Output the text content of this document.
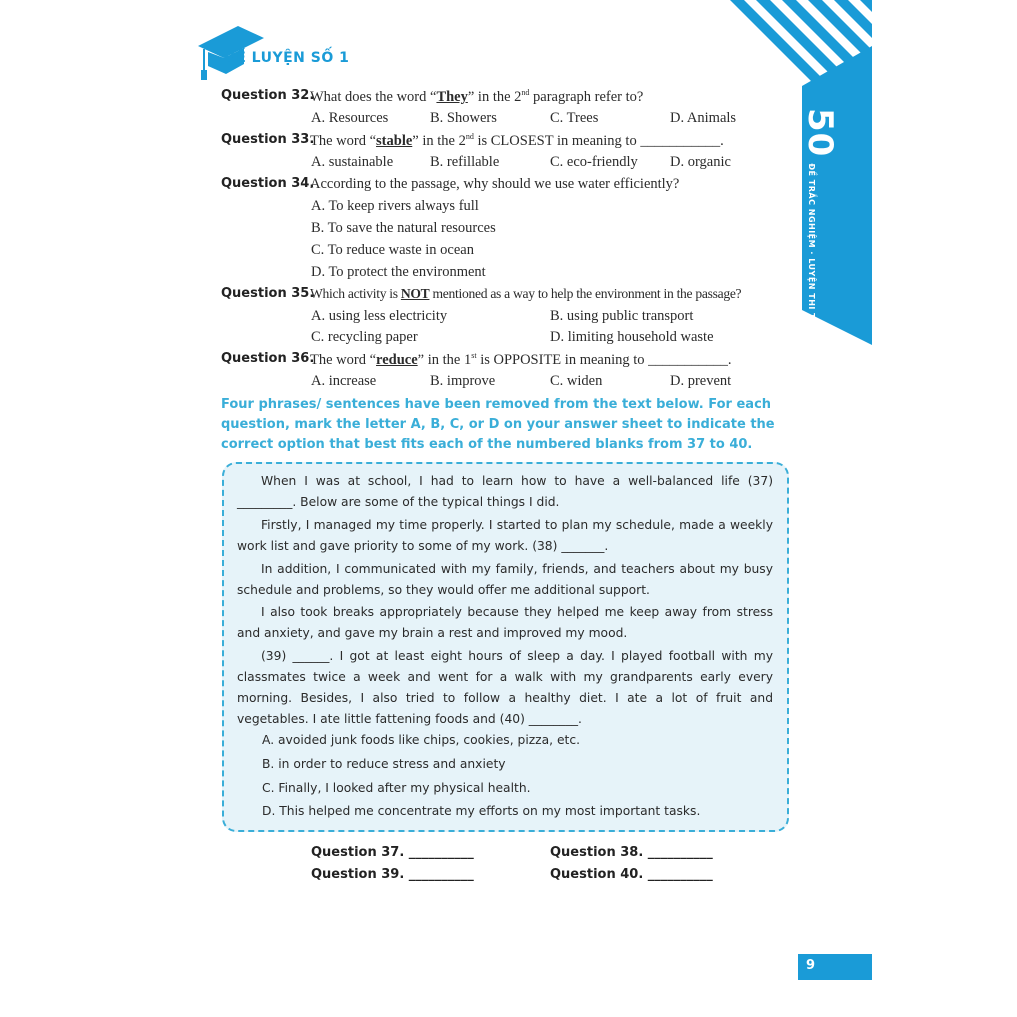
50ĐỀ TRẮC NGHIỆM · LUYỆN THI TIẾNG ANH VÀO LỚP 10
ĐỀ LUYỆN SỐ 1
Question 32.
What does the word “They” in the 2nd paragraph refer to?
A. Resources	B. Showers	C. Trees	D. Animals
Question 33.
The word “stable” in the 2nd is CLOSEST in meaning to ___________.
A. sustainable	B. refillable	C. eco-friendly D. organic
Question 34.
According to the passage, why should we use water efficiently?
A. To keep rivers always full
B. To save the natural resources
C. To reduce waste in ocean
D. To protect the environment
Question 35.
Which activity is NOT mentioned as a way to help the environment in the passage?
A. using less electricity	B. using public transport
C. recycling paper	D. limiting household waste
Question 36.
The word “reduce” in the 1st is OPPOSITE in meaning to ___________.
A. increase	B. improve	C. widen	D. prevent
Four phrases/ sentences have been removed from the text below. For each question, mark the letter A, B, C, or D on your answer sheet to indicate the correct option that best fits each of the numbered blanks from 37 to 40.
When I was at school, I had to learn how to have a well-balanced life (37) _________. Below are some of the typical things I did.
Firstly, I managed my time properly. I started to plan my schedule, made a weekly work list and gave priority to some of my work. (38) _______.
In addition, I communicated with my family, friends, and teachers about my busy schedule and problems, so they would offer me additional support.
I also took breaks appropriately because they helped me keep away from stress and anxiety, and gave my brain a rest and improved my mood.
(39) ______. I got at least eight hours of sleep a day. I played football with my classmates twice a week and went for a walk with my grandparents early every morning. Besides, I also tried to follow a healthy diet. I ate a lot of fruit and vegetables. I ate little fattening foods and (40) ________.
A. avoided junk foods like chips, cookies, pizza, etc.
B. in order to reduce stress and anxiety
C. Finally, I looked after my physical health.
D. This helped me concentrate my efforts on my most important tasks.
Question 37. __________	Question 38. __________
Question 39. __________	Question 40. __________
9
